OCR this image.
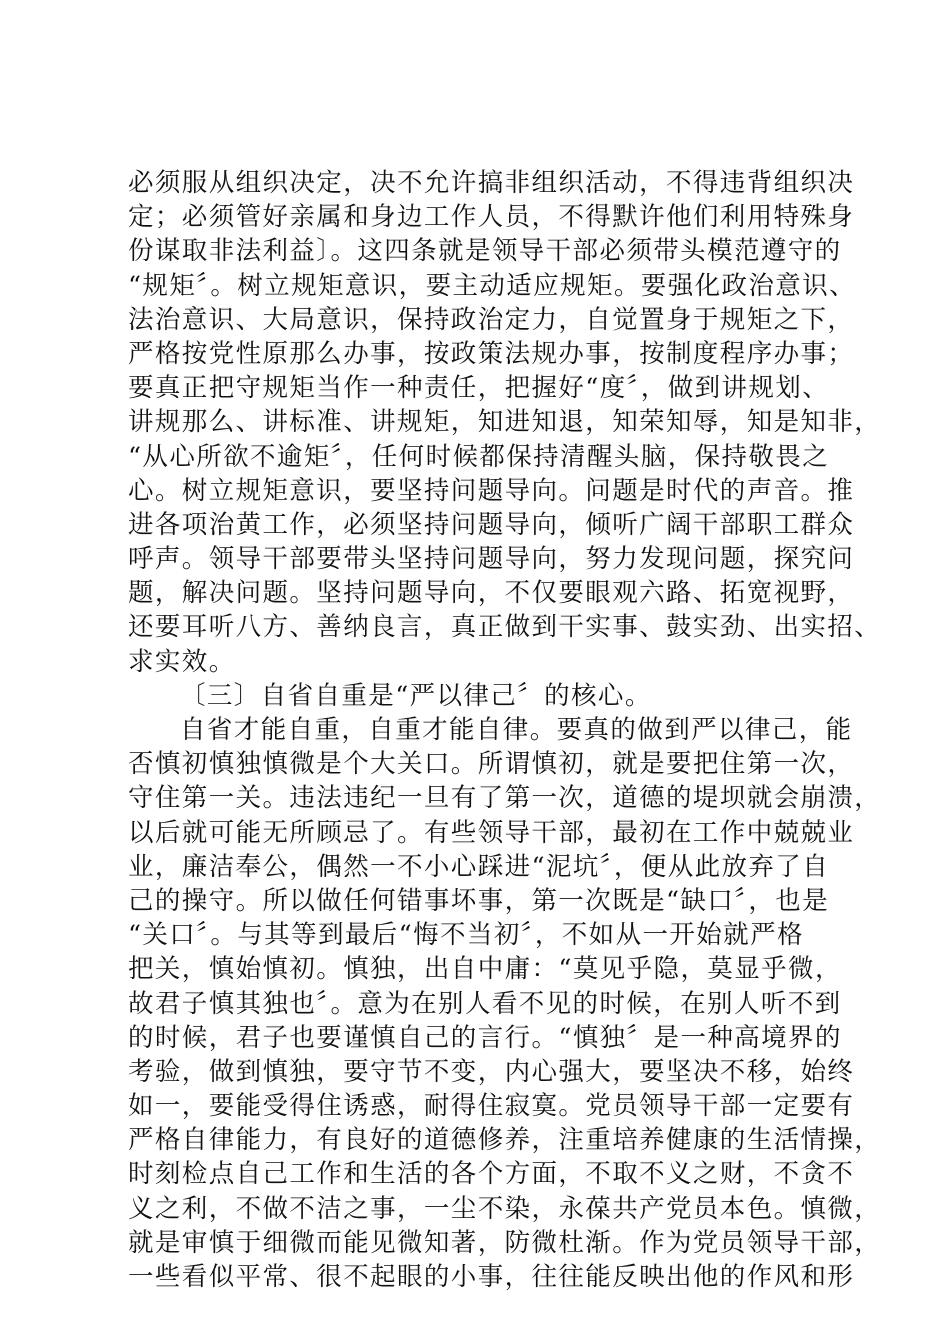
必须服从组织决定，决不允许搞非组织活动，不得违背组织决
定；必须管好亲属和身边工作人员，不得默许他们利用特殊身
份谋取非法利益〕。这四条就是领导干部必须带头模范遵守的
“规矩〞。树立规矩意识，要主动适应规矩。要强化政治意识、
法治意识、大局意识，保持政治定力，自觉置身于规矩之下，
严格按党性原那么办事，按政策法规办事，按制度程序办事；
要真正把守规矩当作一种责任，把握好“度〞，做到讲规划、
讲规那么、讲标准、讲规矩，知进知退，知荣知辱，知是知非，
“从心所欲不逾矩〞，任何时候都保持清醒头脑，保持敬畏之
心。树立规矩意识，要坚持问题导向。问题是时代的声音。推
进各项治黄工作，必须坚持问题导向，倾听广阔干部职工群众
呼声。领导干部要带头坚持问题导向，努力发现问题，探究问
题，解决问题。坚持问题导向，不仅要眼观六路、拓宽视野，
还要耳听八方、善纳良言，真正做到干实事、鼓实劲、出实招、
求实效。
〔三〕自省自重是“严以律己〞的核心。
自省才能自重，自重才能自律。要真的做到严以律己，能
否慎初慎独慎微是个大关口。所谓慎初，就是要把住第一次，
守住第一关。违法违纪一旦有了第一次，道德的堤坝就会崩溃，
以后就可能无所顾忌了。有些领导干部，最初在工作中兢兢业
业，廉洁奉公，偶然一不小心踩进“泥坑〞，便从此放弃了自
己的操守。所以做任何错事坏事，第一次既是“缺口〞，也是
“关口〞。与其等到最后“悔不当初〞，不如从一开始就严格
把关，慎始慎初。慎独，出自中庸：“莫见乎隐，莫显乎微，
故君子慎其独也〞。意为在别人看不见的时候，在别人听不到
的时候，君子也要谨慎自己的言行。“慎独〞是一种高境界的
考验，做到慎独，要守节不变，内心强大，要坚决不移，始终
如一，要能受得住诱惑，耐得住寂寞。党员领导干部一定要有
严格自律能力，有良好的道德修养，注重培养健康的生活情操，
时刻检点自己工作和生活的各个方面，不取不义之财，不贪不
义之利，不做不洁之事，一尘不染，永葆共产党员本色。慎微，
就是审慎于细微而能见微知著，防微杜渐。作为党员领导干部，
一些看似平常、很不起眼的小事，往往能反映出他的作风和形
